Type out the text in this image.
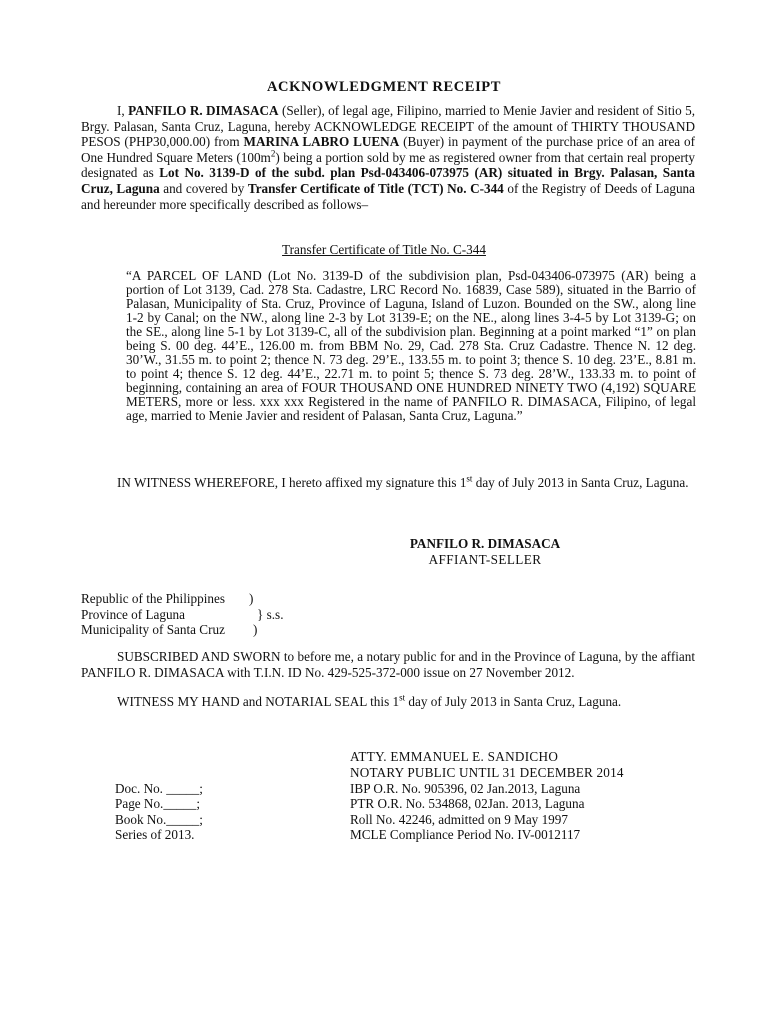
ACKNOWLEDGMENT RECEIPT

I, PANFILO R. DIMASACA (Seller), of legal age, Filipino, married to Menie Javier and resident of Sitio 5, Brgy. Palasan, Santa Cruz, Laguna, hereby ACKNOWLEDGE RECEIPT of the amount of THIRTY THOUSAND PESOS (PHP30,000.00) from MARINA LABRO LUENA (Buyer) in payment of the purchase price of an area of One Hundred Square Meters $(100m^2)$ being a portion sold by me as registered owner from that certain real property designated as Lot No. 3139-D of the subd. plan Psd-043406-073975 (AR) situated in Brgy. Palasan, Santa Cruz, Laguna and covered by Transfer Certificate of Title (TCT) No. C-344 of the Registry of Deeds of Laguna and hereunder more specifically described as follows–

Transfer Certificate of Title No. C-344
“A PARCEL OF LAND (Lot No. 3139-D of the subdivision plan, Psd-043406-073975 (AR) being a portion of Lot 3139, Cad. 278 Sta. Cadastre, LRC Record No. 16839, Case 589), situated in the Barrio of Palasan, Municipality of Sta. Cruz, Province of Laguna, Island of Luzon. Bounded on the SW., along line 1-2 by Canal; on the NW., along line 2-3 by Lot 3139-E; on the NE., along lines 3-4-5 by Lot 3139-G; on the SE., along line 5-1 by Lot 3139-C, all of the subdivision plan. Beginning at a point marked “1” on plan being S. 00 deg. 44’E., 126.00 m. from BBM No. 29, Cad. 278 Sta. Cruz Cadastre. Thence N. 12 deg. 30’W., 31.55 m. to point 2; thence N. 73 deg. 29’E., 133.55 m. to point 3; thence S. 10 deg. 23’E., 8.81 m. to point 4; thence S. 12 deg. 44’E., 22.71 m. to point 5; thence S. 73 deg. 28’W., 133.33 m. to point of beginning, containing an area of FOUR THOUSAND ONE HUNDRED NINETY TWO (4,192) SQUARE METERS, more or less. xxx xxx Registered in the name of PANFILO R. DIMASACA, Filipino, of legal age, married to Menie Javier and resident of Palasan, Santa Cruz, Laguna.”

IN WITNESS WHEREFORE, I hereto affixed my signature this 1st day of July 2013 in Santa Cruz, Laguna.

PANFILO R. DIMASACA
AFFIANT-SELLER
Republic of the Philippines )
Province of Laguna	} s.s.
Municipality of Santa Cruz )

SUBSCRIBED AND SWORN to before me, a notary public for and in the Province of Laguna, by the affiant PANFILO R. DIMASACA with T.I.N. ID No. 429-525-372-000 issue on 27 November 2012.

WITNESS MY HAND and NOTARIAL SEAL this 1st day of July 2013 in Santa Cruz, Laguna.

ATTY. EMMANUEL E. SANDICHO
NOTARY PUBLIC UNTIL 31 DECEMBER 2014
Doc. No. _____;
Page No._____;
Book No._____;
Series of 2013.
IBP O.R. No. 905396, 02 Jan.2013, Laguna
PTR O.R. No. 534868, 02Jan. 2013, Laguna
Roll No. 42246, admitted on 9 May 1997
MCLE Compliance Period No. IV-0012117
